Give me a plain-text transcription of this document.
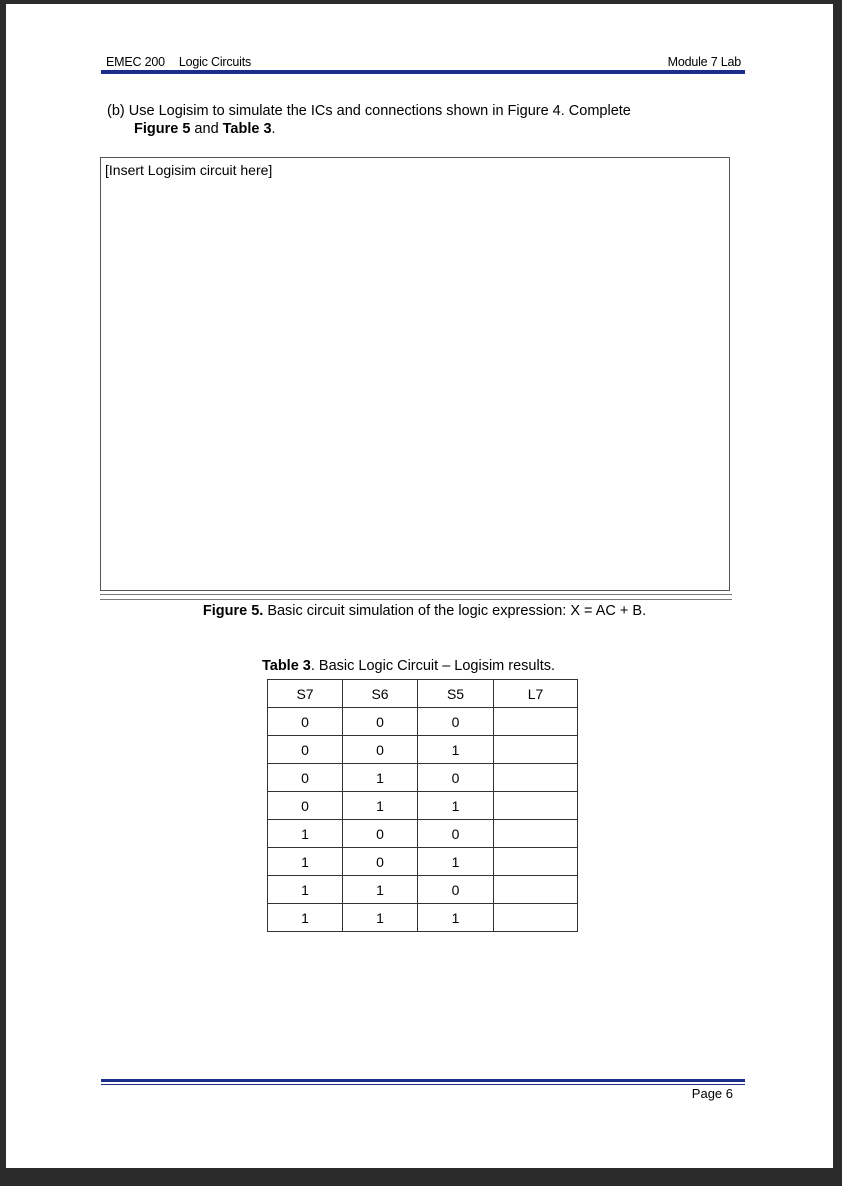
EMEC 200 Logic Circuits	Module 7 Lab
(b) Use Logisim to simulate the ICs and connections shown in Figure 4. Complete
Figure 5 and Table 3.
[Insert Logisim circuit here]
Figure 5. Basic circuit simulation of the logic expression: X = AC + B.
Table 3. Basic Logic Circuit – Logisim results.
S7	S6	S5	L7
0	0	0	
0	0	1	
0	1	0	
0	1	1	
1	0	0	
1	0	1	
1	1	0	
1	1	1	
Page 6
